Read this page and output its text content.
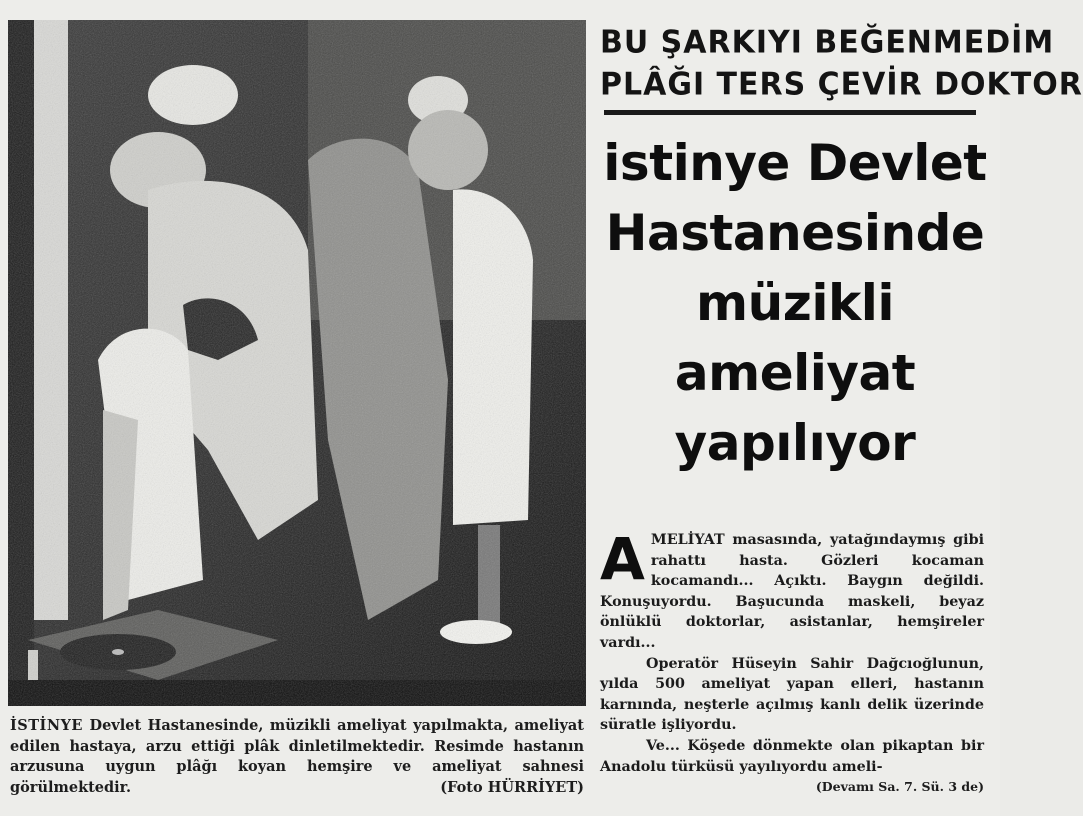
İSTİNYE Devlet Hastanesinde, müzikli ameliyat yapılmakta, ameliyat edilen hastaya, arzu ettiği plâk dinletilmektedir. Resimde hastanın arzusuna uygun plâğı koyan hemşire ve ameliyat sahnesi görülmektedir.	(Foto HÜRRİYET)
BU ŞARKIYI BEĞENMEDİM
PLÂĞI TERS ÇEVİR DOKTOR
istinye Devlet
Hastanesinde
müzikli
ameliyat
yapılıyor

AMELİYAT masasında, yatağındaymış gibi rahattı hasta. Gözleri kocaman kocamandı... Açıktı. Baygın değildi. Konuşuyordu. Başucunda maskeli, beyaz önlüklü doktorlar, asistanlar, hemşireler vardı...

Operatör Hüseyin Sahir Dağcıoğlunun, yılda 500 ameliyat yapan elleri, hastanın karnında, neşterle açılmış kanlı delik üzerinde süratle işliyordu.

Ve... Köşede dönmekte olan pikaptan bir Anadolu türküsü yayılıyordu ameli-

(Devamı Sa. 7. Sü. 3 de)
